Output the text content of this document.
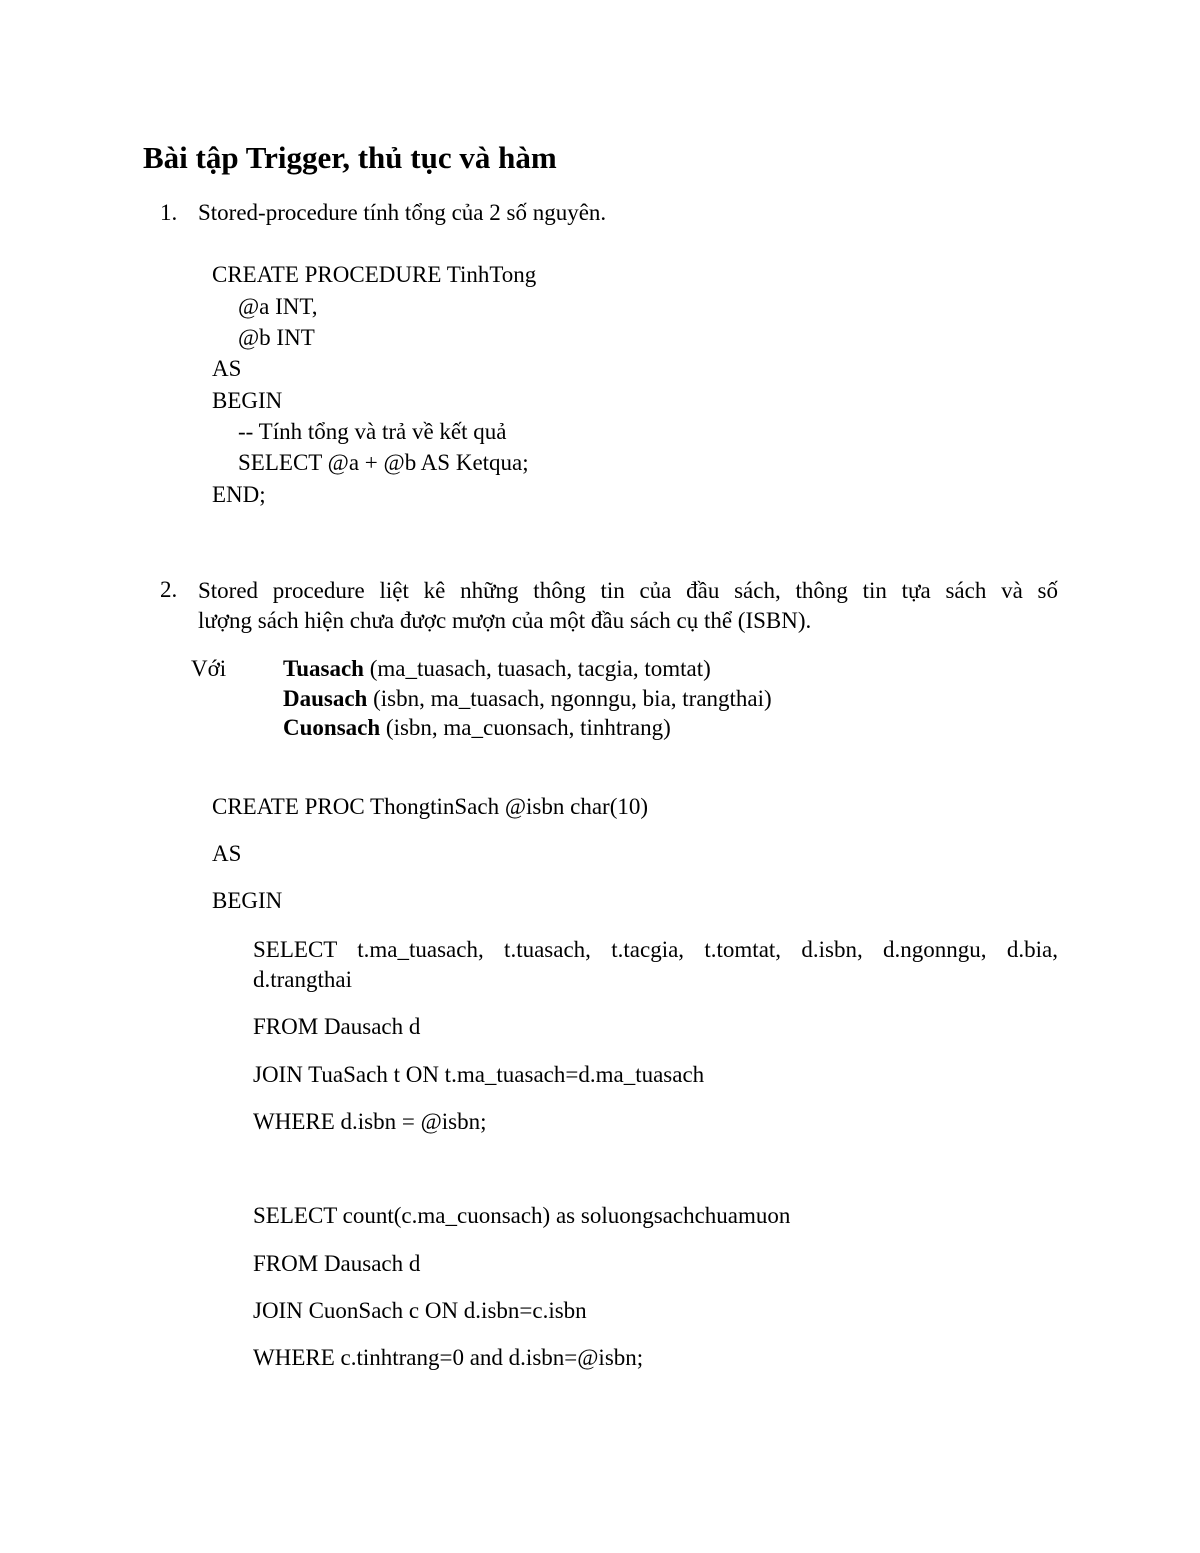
Bài tập Trigger, thủ tục và hàm
1. Stored-procedure tính tổng của 2 số nguyên.
CREATE PROCEDURE TinhTong
@a INT,
@b INT
AS
BEGIN
-- Tính tổng và trả về kết quả
SELECT @a + @b AS Ketqua;
END;
2. Stored procedure liệt kê những thông tin của đầu sách, thông tin tựa sách và số
lượng sách hiện chưa được mượn của một đầu sách cụ thể (ISBN).
Với Tuasach (ma_tuasach, tuasach, tacgia, tomtat)
Dausach (isbn, ma_tuasach, ngonngu, bia, trangthai)
Cuonsach (isbn, ma_cuonsach, tinhtrang)
CREATE PROC ThongtinSach @isbn char(10)
AS
BEGIN
SELECT t.ma_tuasach, t.tuasach, t.tacgia, t.tomtat, d.isbn, d.ngonngu, d.bia,
d.trangthai
FROM Dausach d
JOIN TuaSach t ON t.ma_tuasach=d.ma_tuasach
WHERE d.isbn = @isbn;
SELECT count(c.ma_cuonsach) as soluongsachchuamuon
FROM Dausach d
JOIN CuonSach c ON d.isbn=c.isbn
WHERE c.tinhtrang=0 and d.isbn=@isbn;
